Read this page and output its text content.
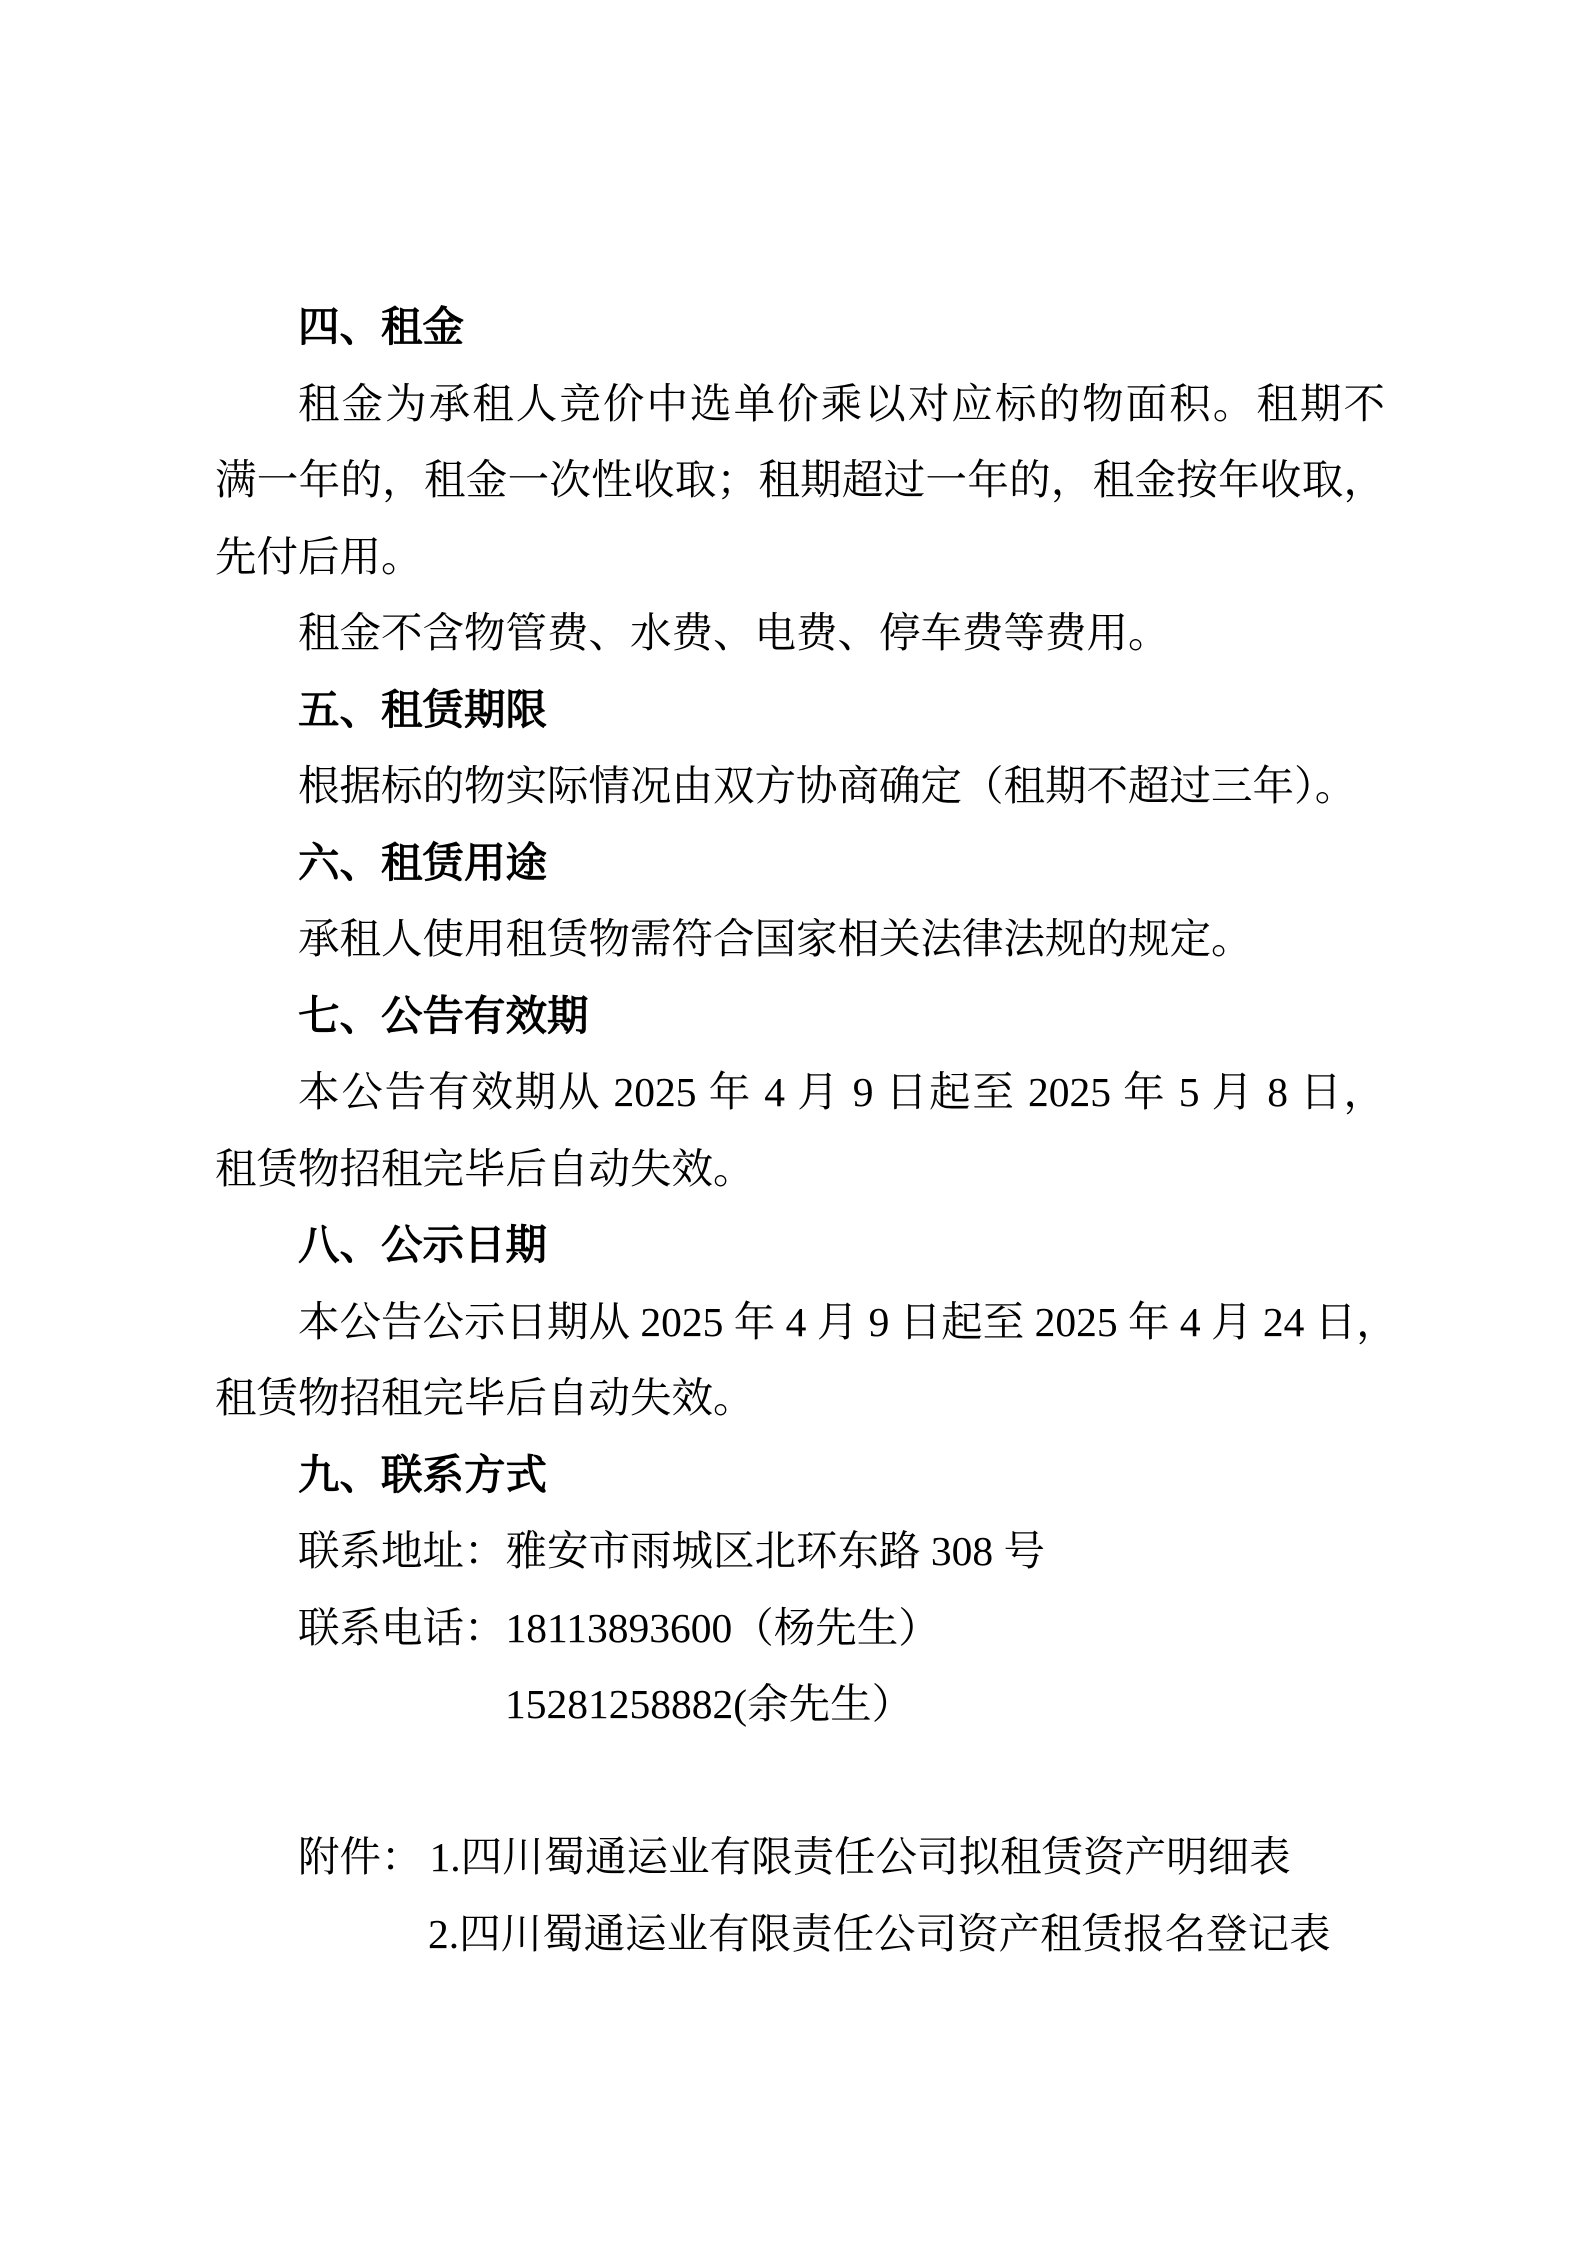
四、租金
租金为承租人竞价中选单价乘以对应标的物面积。租期不
满一年的，租金一次性收取；租期超过一年的，租金按年收取，
先付后用。
租金不含物管费、水费、电费、停车费等费用。
五、租赁期限
根据标的物实际情况由双方协商确定（租期不超过三年）。
六、租赁用途
承租人使用租赁物需符合国家相关法律法规的规定。
七、公告有效期
本公告有效期从 2025 年 4 月 9 日起至 2025 年 5 月 8 日，
租赁物招租完毕后自动失效。
八、公示日期
本公告公示日期从 2025 年 4 月 9 日起至 2025 年 4 月 24 日，
租赁物招租完毕后自动失效。
九、联系方式
联系地址：雅安市雨城区北环东路 308 号
联系电话：18113893600（杨先生）
15281258882(余先生）
附件： 1.四川蜀通运业有限责任公司拟租赁资产明细表
2.四川蜀通运业有限责任公司资产租赁报名登记表
